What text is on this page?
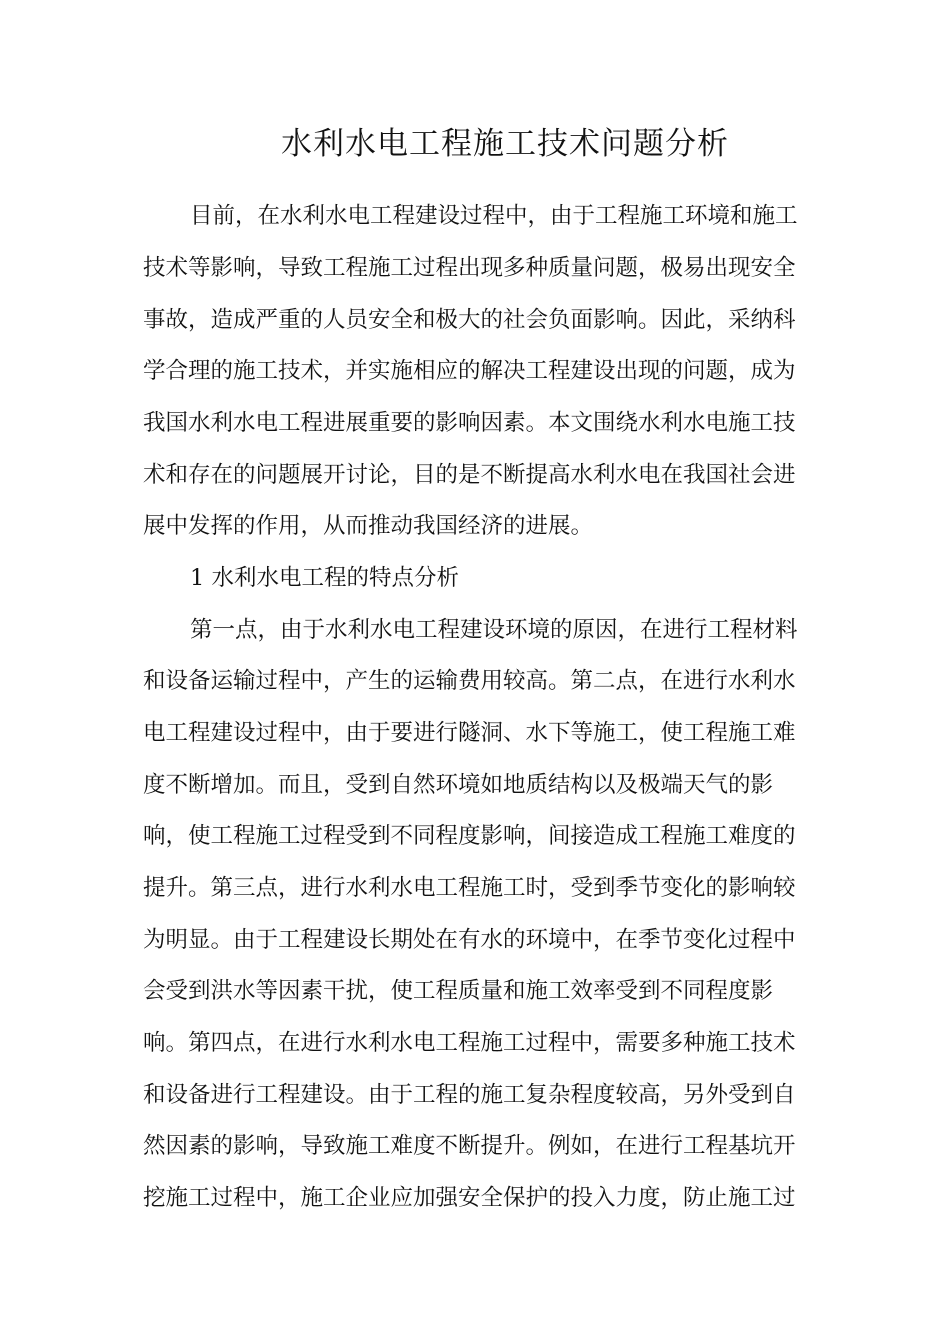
水利水电工程施工技术问题分析
目前，在水利水电工程建设过程中，由于工程施工环境和施工
技术等影响，导致工程施工过程出现多种质量问题，极易出现安全
事故，造成严重的人员安全和极大的社会负面影响。因此，采纳科
学合理的施工技术，并实施相应的解决工程建设出现的问题，成为
我国水利水电工程进展重要的影响因素。本文围绕水利水电施工技
术和存在的问题展开讨论，目的是不断提高水利水电在我国社会进
展中发挥的作用，从而推动我国经济的进展。
1 水利水电工程的特点分析
第一点，由于水利水电工程建设环境的原因，在进行工程材料
和设备运输过程中，产生的运输费用较高。第二点，在进行水利水
电工程建设过程中，由于要进行隧洞、水下等施工，使工程施工难
度不断增加。而且，受到自然环境如地质结构以及极端天气的影
响，使工程施工过程受到不同程度影响，间接造成工程施工难度的
提升。第三点，进行水利水电工程施工时，受到季节变化的影响较
为明显。由于工程建设长期处在有水的环境中，在季节变化过程中
会受到洪水等因素干扰，使工程质量和施工效率受到不同程度影
响。第四点，在进行水利水电工程施工过程中，需要多种施工技术
和设备进行工程建设。由于工程的施工复杂程度较高，另外受到自
然因素的影响，导致施工难度不断提升。例如，在进行工程基坑开
挖施工过程中，施工企业应加强安全保护的投入力度，防止施工过
